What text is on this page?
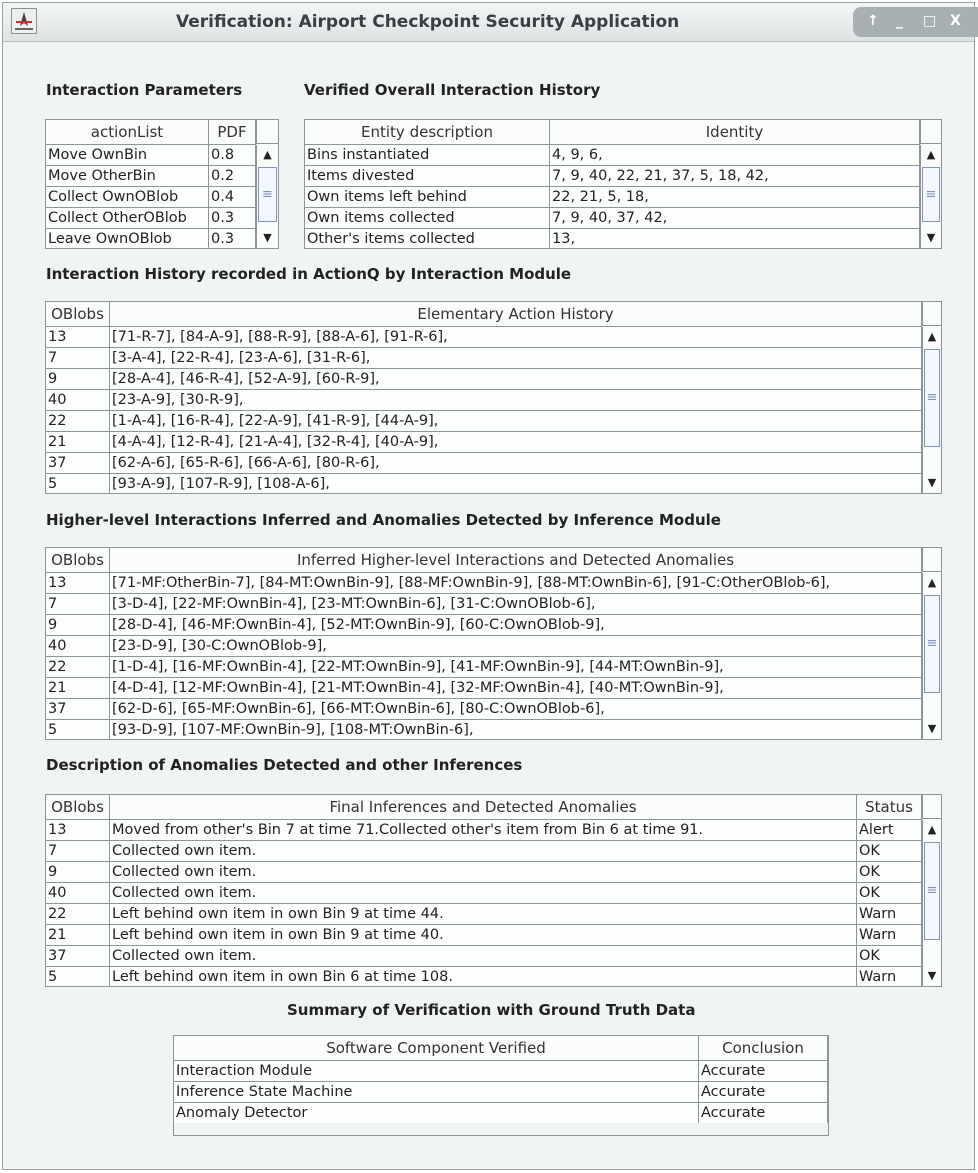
Verification: Airport Checkpoint Security Application	↑ _ □ X
Interaction Parameters	Verified Overall Interaction History
Interaction History recorded in ActionQ by Interaction Module
Higher-level Interactions Inferred and Anomalies Detected by Inference Module
Description of Anomalies Detected and other Inferences
Summary of Verification with Ground Truth Data
actionList	PDF
Move OwnBin	0.8
Move OtherBin	0.2
Collect OwnOBlob	0.4
Collect OtherOBlob	0.3
Leave OwnOBlob	0.3
▲
≡
▼
Entity description	Identity
Bins instantiated	4, 9, 6,
Items divested	7, 9, 40, 22, 21, 37, 5, 18, 42,
Own items left behind	22, 21, 5, 18,
Own items collected	7, 9, 40, 37, 42,
Other's items collected	13,
▲
≡
▼
OBlobs	Elementary Action History
13	[71-R-7], [84-A-9], [88-R-9], [88-A-6], [91-R-6],
7	[3-A-4], [22-R-4], [23-A-6], [31-R-6],
9	[28-A-4], [46-R-4], [52-A-9], [60-R-9],
40	[23-A-9], [30-R-9],
22	[1-A-4], [16-R-4], [22-A-9], [41-R-9], [44-A-9],
21	[4-A-4], [12-R-4], [21-A-4], [32-R-4], [40-A-9],
37	[62-A-6], [65-R-6], [66-A-6], [80-R-6],
5	[93-A-9], [107-R-9], [108-A-6],
▲
≡
▼
OBlobs	Inferred Higher-level Interactions and Detected Anomalies
13	[71-MF:OtherBin-7], [84-MT:OwnBin-9], [88-MF:OwnBin-9], [88-MT:OwnBin-6], [91-C:OtherOBlob-6],
7	[3-D-4], [22-MF:OwnBin-4], [23-MT:OwnBin-6], [31-C:OwnOBlob-6],
9	[28-D-4], [46-MF:OwnBin-4], [52-MT:OwnBin-9], [60-C:OwnOBlob-9],
40	[23-D-9], [30-C:OwnOBlob-9],
22	[1-D-4], [16-MF:OwnBin-4], [22-MT:OwnBin-9], [41-MF:OwnBin-9], [44-MT:OwnBin-9],
21	[4-D-4], [12-MF:OwnBin-4], [21-MT:OwnBin-4], [32-MF:OwnBin-4], [40-MT:OwnBin-9],
37	[62-D-6], [65-MF:OwnBin-6], [66-MT:OwnBin-6], [80-C:OwnOBlob-6],
5	[93-D-9], [107-MF:OwnBin-9], [108-MT:OwnBin-6],
▲
≡
▼
OBlobs	Final Inferences and Detected Anomalies	Status
13	Moved from other's Bin 7 at time 71.Collected other's item from Bin 6 at time 91.	Alert
7	Collected own item.	OK
9	Collected own item.	OK
40	Collected own item.	OK
22	Left behind own item in own Bin 9 at time 44.	Warn
21	Left behind own item in own Bin 9 at time 40.	Warn
37	Collected own item.	OK
5	Left behind own item in own Bin 6 at time 108.	Warn
▲
≡
▼
Software Component Verified	Conclusion
Interaction Module	Accurate
Inference State Machine	Accurate
Anomaly Detector	Accurate
